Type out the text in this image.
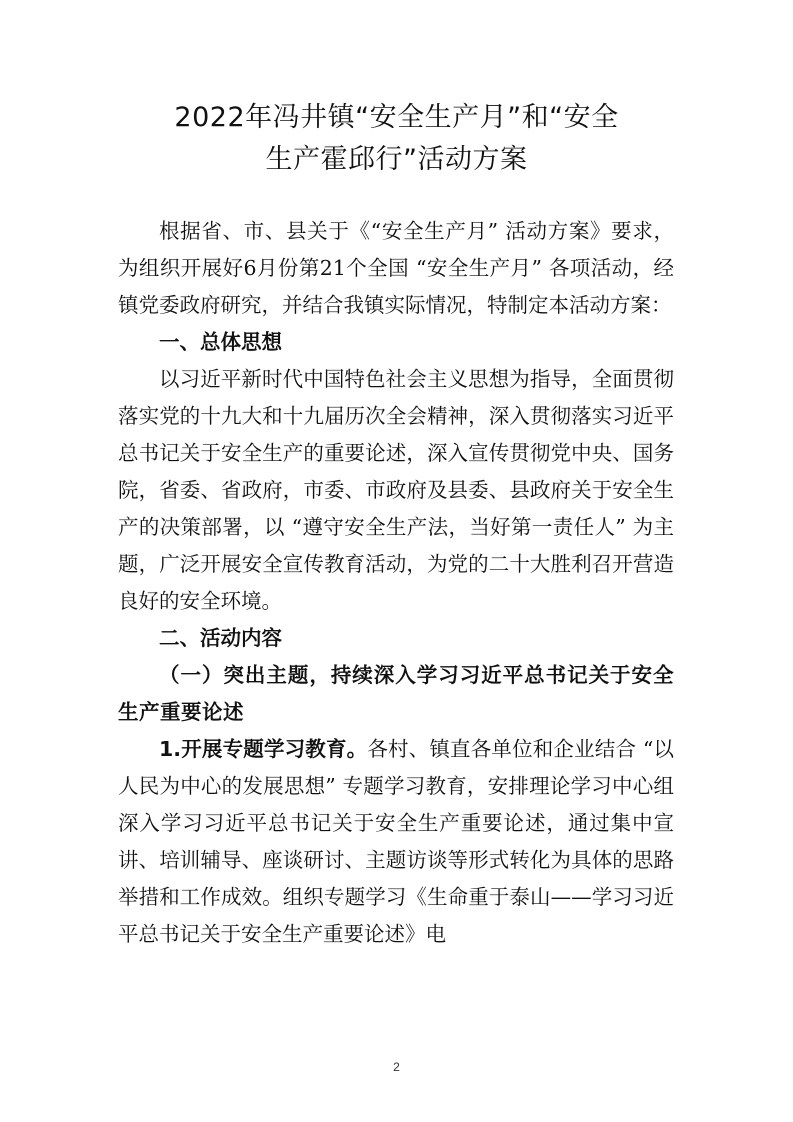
2022年冯井镇“安全生产月”和“安全
生产霍邱行”活动方案

根据省、市、县关于《“安全生产月” 活动方案》要求，为组织开展好6月份第21个全国 “安全生产月” 各项活动，经镇党委政府研究，并结合我镇实际情况，特制定本活动方案：

一、总体思想

以习近平新时代中国特色社会主义思想为指导，全面贯彻落实党的十九大和十九届历次全会精神，深入贯彻落实习近平总书记关于安全生产的重要论述，深入宣传贯彻党中央、国务院，省委、省政府，市委、市政府及县委、县政府关于安全生产的决策部署，以 “遵守安全生产法，当好第一责任人” 为主题，广泛开展安全宣传教育活动，为党的二十大胜利召开营造良好的安全环境。

二、活动内容

（一）突出主题，持续深入学习习近平总书记关于安全生产重要论述

1.开展专题学习教育。各村、镇直各单位和企业结合 “以人民为中心的发展思想” 专题学习教育，安排理论学习中心组深入学习习近平总书记关于安全生产重要论述，通过集中宣讲、培训辅导、座谈研讨、主题访谈等形式转化为具体的思路举措和工作成效。组织专题学习《生命重于泰山——学习习近平总书记关于安全生产重要论述》电

2
